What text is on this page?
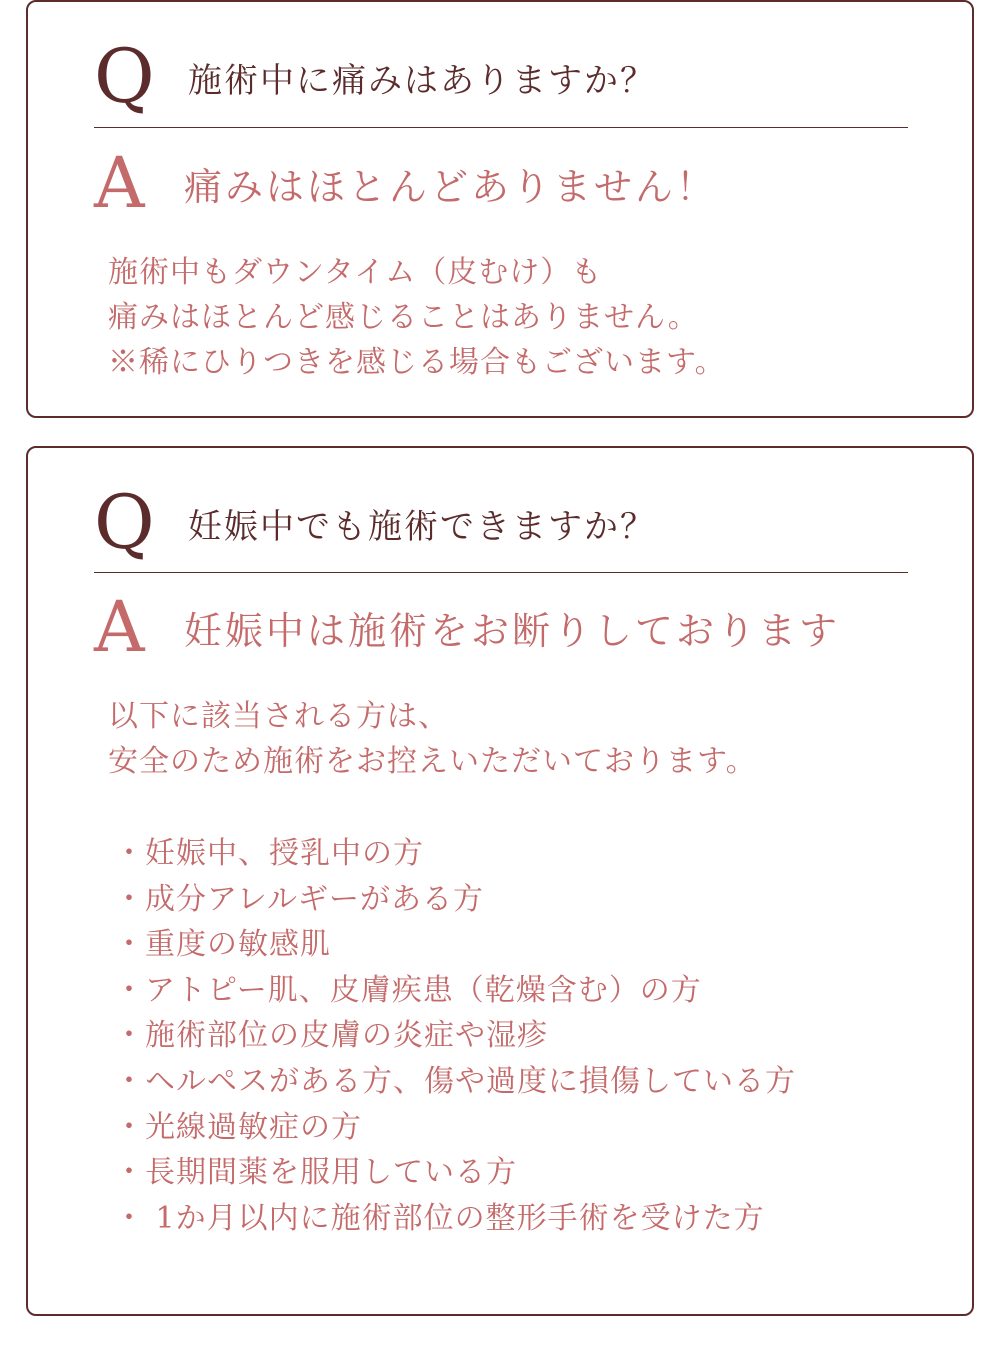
Q 施術中に痛みはありますか？
A	痛みはほとんどありません！
施術中もダウンタイム（皮むけ）も
痛みはほとんど感じることはありません。
※稀にひりつきを感じる場合もございます。
Q 妊娠中でも施術できますか？
A	妊娠中は施術をお断りしております
以下に該当される方は、
安全のため施術をお控えいただいております。
・妊娠中、授乳中の方
・成分アレルギーがある方
・重度の敏感肌
・アトピー肌、皮膚疾患（乾燥含む）の方
・施術部位の皮膚の炎症や湿疹
・ヘルペスがある方、傷や過度に損傷している方
・光線過敏症の方
・長期間薬を服用している方
・ 1か月以内に施術部位の整形手術を受けた方
